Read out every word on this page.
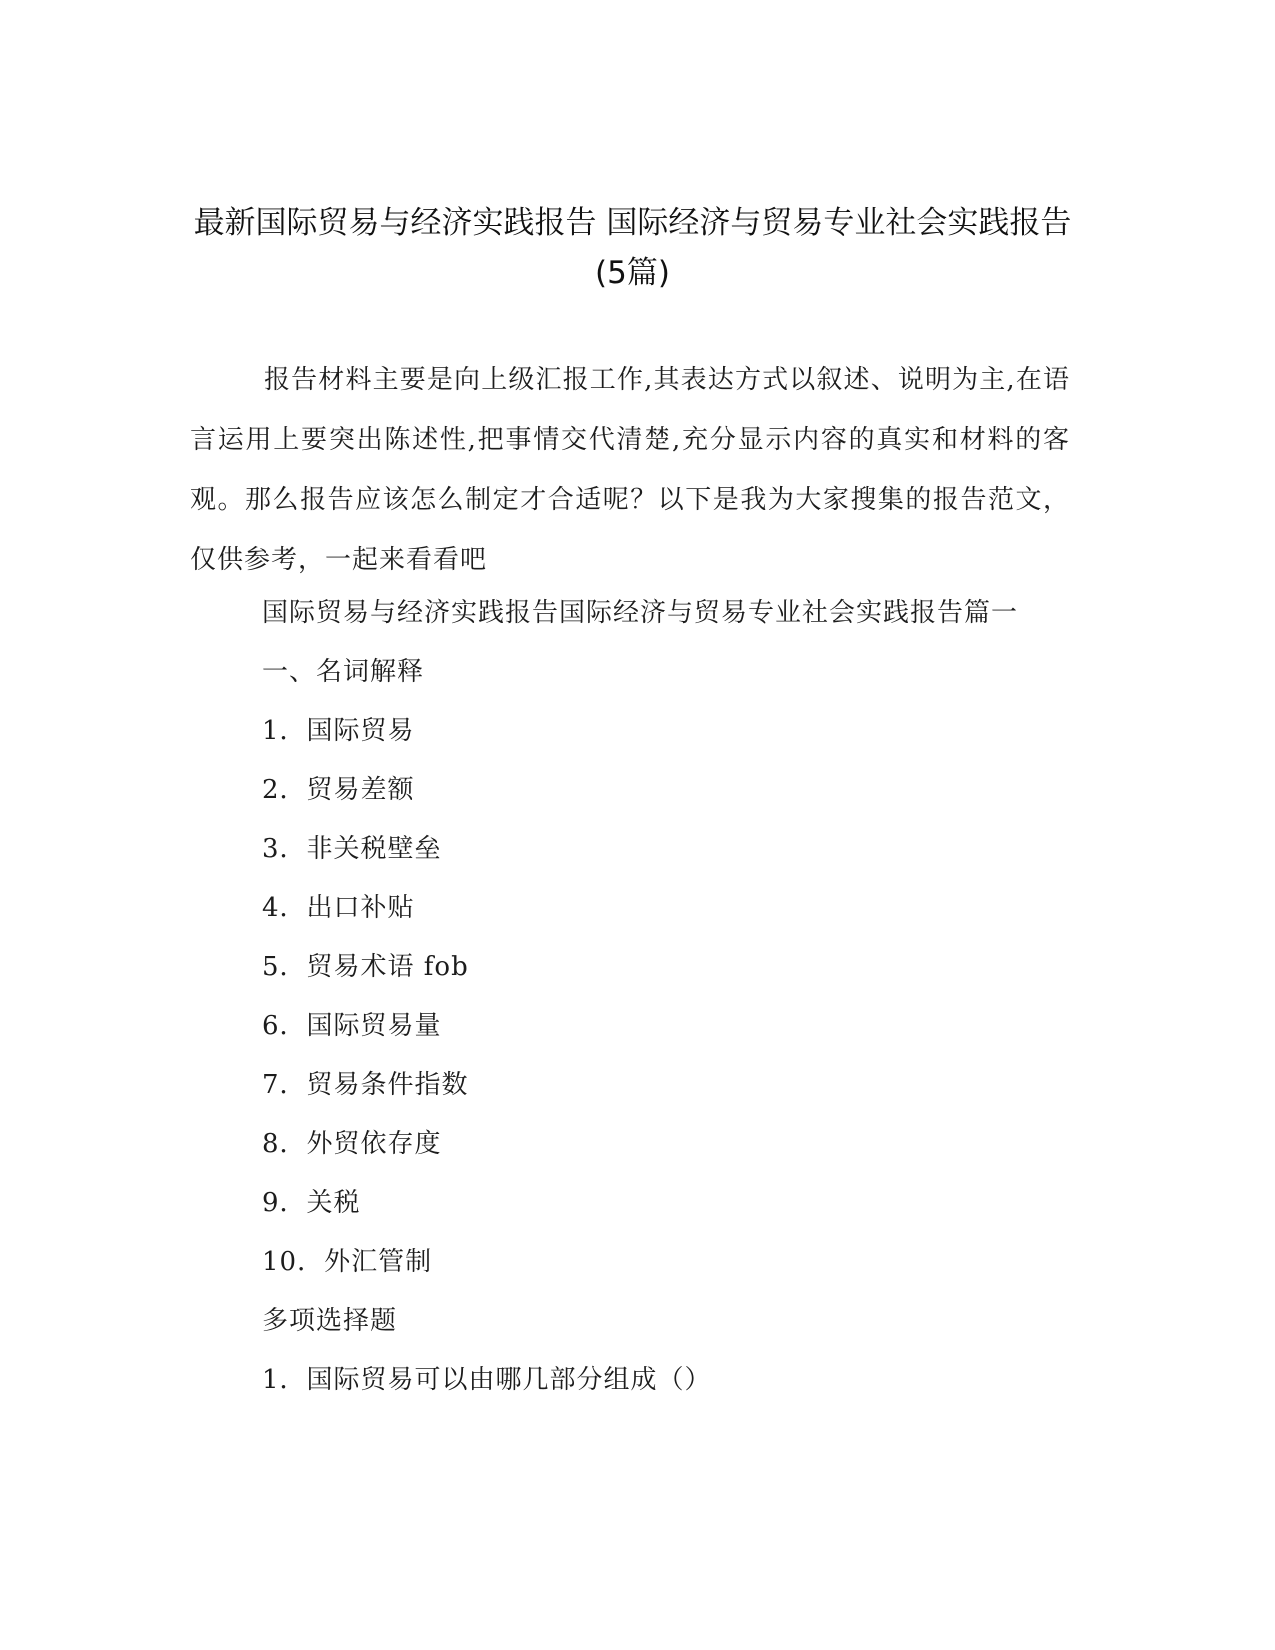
最新国际贸易与经济实践报告 国际经济与贸易专业社会实践报告(5篇)

报告材料主要是向上级汇报工作,其表达方式以叙述、说明为主,在语言运用上要突出陈述性,把事情交代清楚,充分显示内容的真实和材料的客观。那么报告应该怎么制定才合适呢？以下是我为大家搜集的报告范文，仅供参考，一起来看看吧

国际贸易与经济实践报告国际经济与贸易专业社会实践报告篇一

一、名词解释

1．国际贸易

2．贸易差额

3．非关税壁垒

4．出口补贴

5．贸易术语 fob

6．国际贸易量

7．贸易条件指数

8．外贸依存度

9．关税

10．外汇管制

多项选择题

1．国际贸易可以由哪几部分组成（）
